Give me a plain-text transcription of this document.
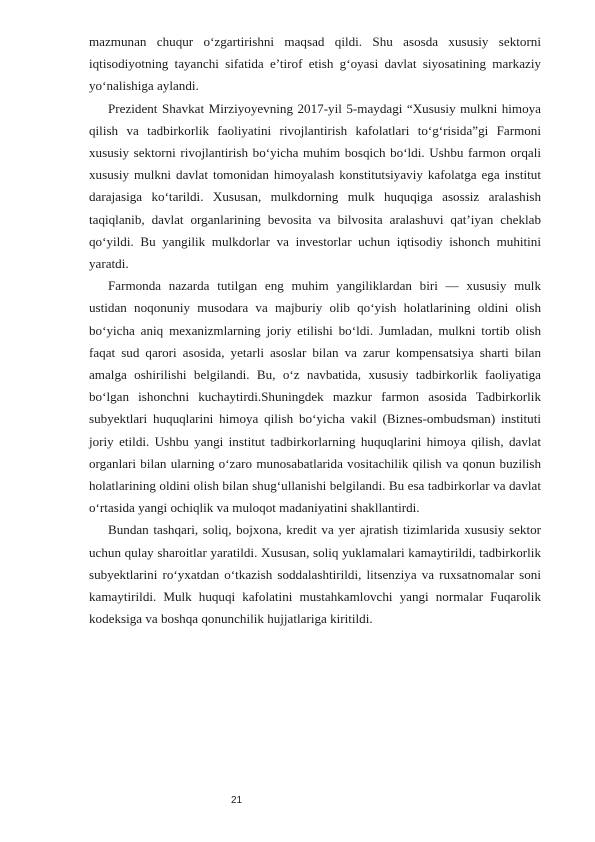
mazmunan chuqur o‘zgartirishni maqsad qildi. Shu asosda xususiy sektorni iqtisodiyotning tayanchi sifatida e’tirof etish g‘oyasi davlat siyosatining markaziy yo‘nalishiga aylandi.

Prezident Shavkat Mirziyoyevning 2017-yil 5-maydagi “Xususiy mulkni himoya qilish va tadbirkorlik faoliyatini rivojlantirish kafolatlari to‘g‘risida”gi Farmoni xususiy sektorni rivojlantirish bo‘yicha muhim bosqich bo‘ldi. Ushbu farmon orqali xususiy mulkni davlat tomonidan himoyalash konstitutsiyaviy kafolatga ega institut darajasiga ko‘tarildi. Xususan, mulkdorning mulk huquqiga asossiz aralashish taqiqlanib, davlat organlarining bevosita va bilvosita aralashuvi qat’iyan cheklab qo‘yildi. Bu yangilik mulkdorlar va investorlar uchun iqtisodiy ishonch muhitini yaratdi.

Farmonda nazarda tutilgan eng muhim yangiliklardan biri — xususiy mulk ustidan noqonuniy musodara va majburiy olib qo‘yish holatlarining oldini olish bo‘yicha aniq mexanizmlarning joriy etilishi bo‘ldi. Jumladan, mulkni tortib olish faqat sud qarori asosida, yetarli asoslar bilan va zarur kompensatsiya sharti bilan amalga oshirilishi belgilandi. Bu, o‘z navbatida, xususiy tadbirkorlik faoliyatiga bo‘lgan ishonchni kuchaytirdi.Shuningdek mazkur farmon asosida Tadbirkorlik subyektlari huquqlarini himoya qilish bo‘yicha vakil (Biznes-ombudsman) instituti joriy etildi. Ushbu yangi institut tadbirkorlarning huquqlarini himoya qilish, davlat organlari bilan ularning o‘zaro munosabatlarida vositachilik qilish va qonun buzilish holatlarining oldini olish bilan shug‘ullanishi belgilandi. Bu esa tadbirkorlar va davlat o‘rtasida yangi ochiqlik va muloqot madaniyatini shakllantirdi.

Bundan tashqari, soliq, bojxona, kredit va yer ajratish tizimlarida xususiy sektor uchun qulay sharoitlar yaratildi. Xususan, soliq yuklamalari kamaytirildi, tadbirkorlik subyektlarini ro‘yxatdan o‘tkazish soddalashtirildi, litsenziya va ruxsatnomalar soni kamaytirildi. Mulk huquqi kafolatini mustahkamlovchi yangi normalar Fuqarolik kodeksiga va boshqa qonunchilik hujjatlariga kiritildi.

21
